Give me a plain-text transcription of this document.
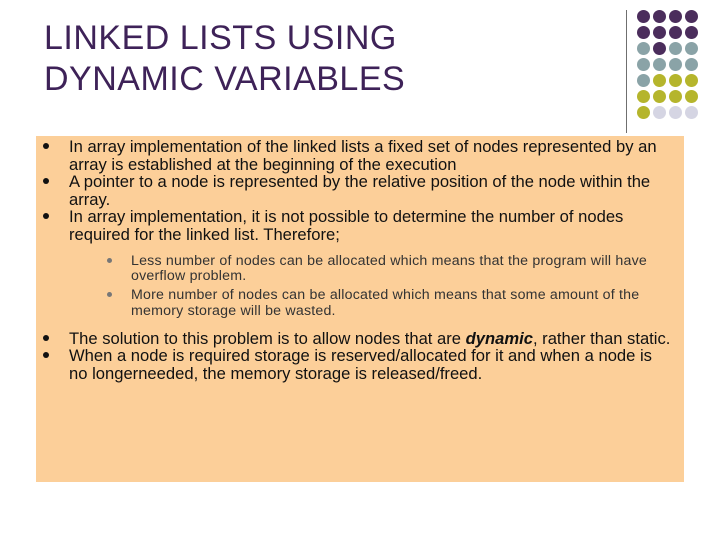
LINKED LISTS USING
DYNAMIC VARIABLES
In array implementation of the linked lists a fixed set of nodes represented by an array is established at the beginning of the execution
A pointer to a node is represented by the relative position of the node within the array.
In array implementation, it is not possible to determine the number of nodes required for the linked list. Therefore;
Less number of nodes can be allocated which means that the program will have overflow problem.
More number of nodes can be allocated which means that some amount of the memory storage will be wasted.
The solution to this problem is to allow nodes that are dynamic, rather than static.
When a node is required storage is reserved/allocated for it and when a node is no longerneeded, the memory storage is released/freed.
